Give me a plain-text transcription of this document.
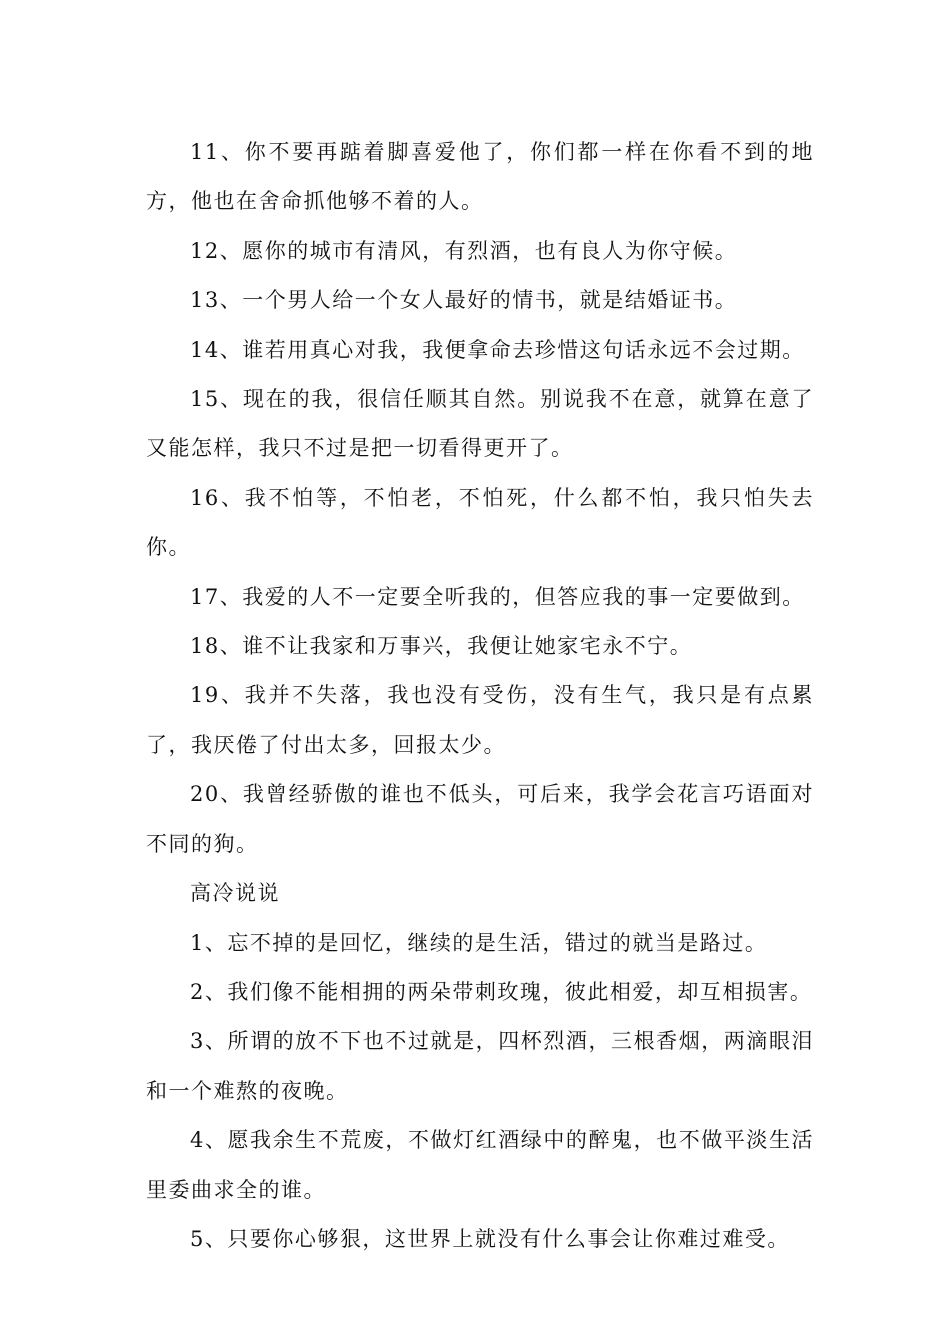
11、你不要再踮着脚喜爱他了，你们都一样在你看不到的地方，他也在舍命抓他够不着的人。

12、愿你的城市有清风，有烈酒，也有良人为你守候。

13、一个男人给一个女人最好的情书，就是结婚证书。

14、谁若用真心对我，我便拿命去珍惜这句话永远不会过期。

15、现在的我，很信任顺其自然。别说我不在意，就算在意了又能怎样，我只不过是把一切看得更开了。

16、我不怕等，不怕老，不怕死，什么都不怕，我只怕失去你。

17、我爱的人不一定要全听我的，但答应我的事一定要做到。

18、谁不让我家和万事兴，我便让她家宅永不宁。

19、我并不失落，我也没有受伤，没有生气，我只是有点累了，我厌倦了付出太多，回报太少。

20、我曾经骄傲的谁也不低头，可后来，我学会花言巧语面对不同的狗。

高冷说说

1、忘不掉的是回忆，继续的是生活，错过的就当是路过。

2、我们像不能相拥的两朵带刺玫瑰，彼此相爱，却互相损害。

3、所谓的放不下也不过就是，四杯烈酒，三根香烟，两滴眼泪和一个难熬的夜晚。

4、愿我余生不荒废，不做灯红酒绿中的醉鬼，也不做平淡生活里委曲求全的谁。

5、只要你心够狠，这世界上就没有什么事会让你难过难受。
